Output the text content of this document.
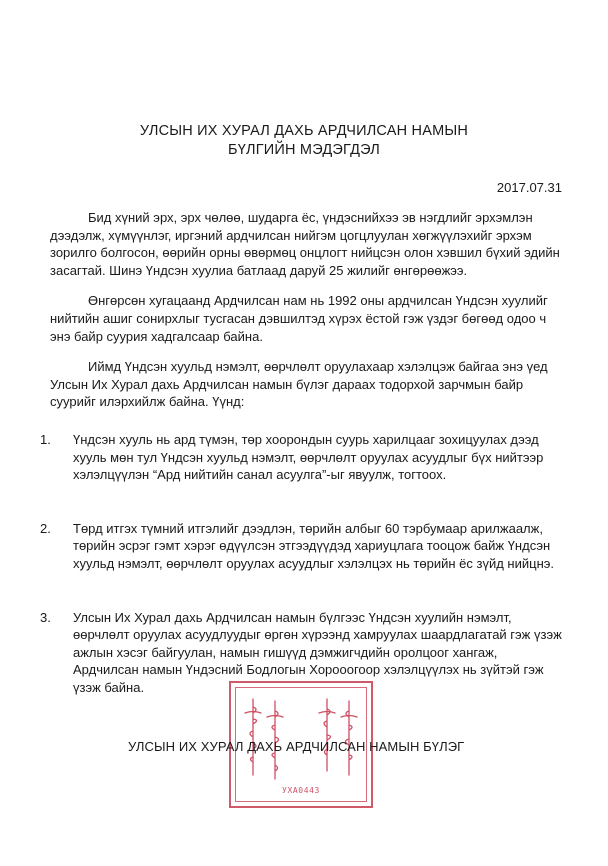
УЛСЫН ИХ ХУРАЛ ДАХЬ АРДЧИЛСАН НАМЫН
БҮЛГИЙН МЭДЭГДЭЛ
2017.07.31

Бид хүний эрх, эрх чөлөө, шударга ёс, үндэснийхээ эв нэгдлийг эрхэмлэн дээдэлж, хүмүүнлэг, иргэний ардчилсан нийгэм цогцлуулан хөгжүүлэхийг эрхэм зорилго болгосон, өөрийн орны өвөрмөц онцлогт нийцсэн олон хэвшил бүхий эдийн засагтай. Шинэ Үндсэн хуулиа батлаад даруй 25 жилийг өнгөрөөжээ.

Өнгөрсөн хугацаанд Ардчилсан нам нь 1992 оны ардчилсан Үндсэн хуулийг нийтийн ашиг сонирхлыг тусгасан дэвшилтэд хүрэх ёстой гэж үздэг бөгөөд одоо ч энэ байр суурия хадгалсаар байна.

Иймд Үндсэн хуульд нэмэлт, өөрчлөлт оруулахаар хэлэлцэж байгаа энэ үед Улсын Их Хурал дахь Ардчилсан намын бүлэг дараах тодорхой зарчмын байр суурийг илэрхийлж байна. Үүнд:

1. Үндсэн хууль нь ард түмэн, төр хоорондын суурь харилцааг зохицуулах дээд хууль мөн тул Үндсэн хуульд нэмэлт, өөрчлөлт оруулах асуудлыг бүх нийтээр хэлэлцүүлэн “Ард нийтийн санал асуулга”-ыг явуулж, тогтоох.
2. Төрд итгэх түмний итгэлийг дээдлэн, төрийн албыг 60 тэрбумаар арилжаалж, төрийн эсрэг гэмт хэрэг өдүүлсэн этгээдүүдэд хариуцлага тооцож байж Үндсэн хуульд нэмэлт, өөрчлөлт оруулах асуудлыг хэлэлцэх нь төрийн ёс зүйд нийцнэ.
3. Улсын Их Хурал дахь Ардчилсан намын бүлгээс Үндсэн хуулийн нэмэлт, өөрчлөлт оруулах асуудлуудыг өргөн хүрээнд хамруулах шаардлагатай гэж үзэж ажлын хэсэг байгуулан, намын гишүүд дэмжигчдийн оролцоог хангаж, Ардчилсан намын Үндэсний Бодлогын Хорооогоор хэлэлцүүлэх нь зүйтэй гэж үзэж байна.
УХА0443
УЛСЫН ИХ ХУРАЛ ДАХЬ АРДЧИЛСАН НАМЫН БҮЛЭГ
